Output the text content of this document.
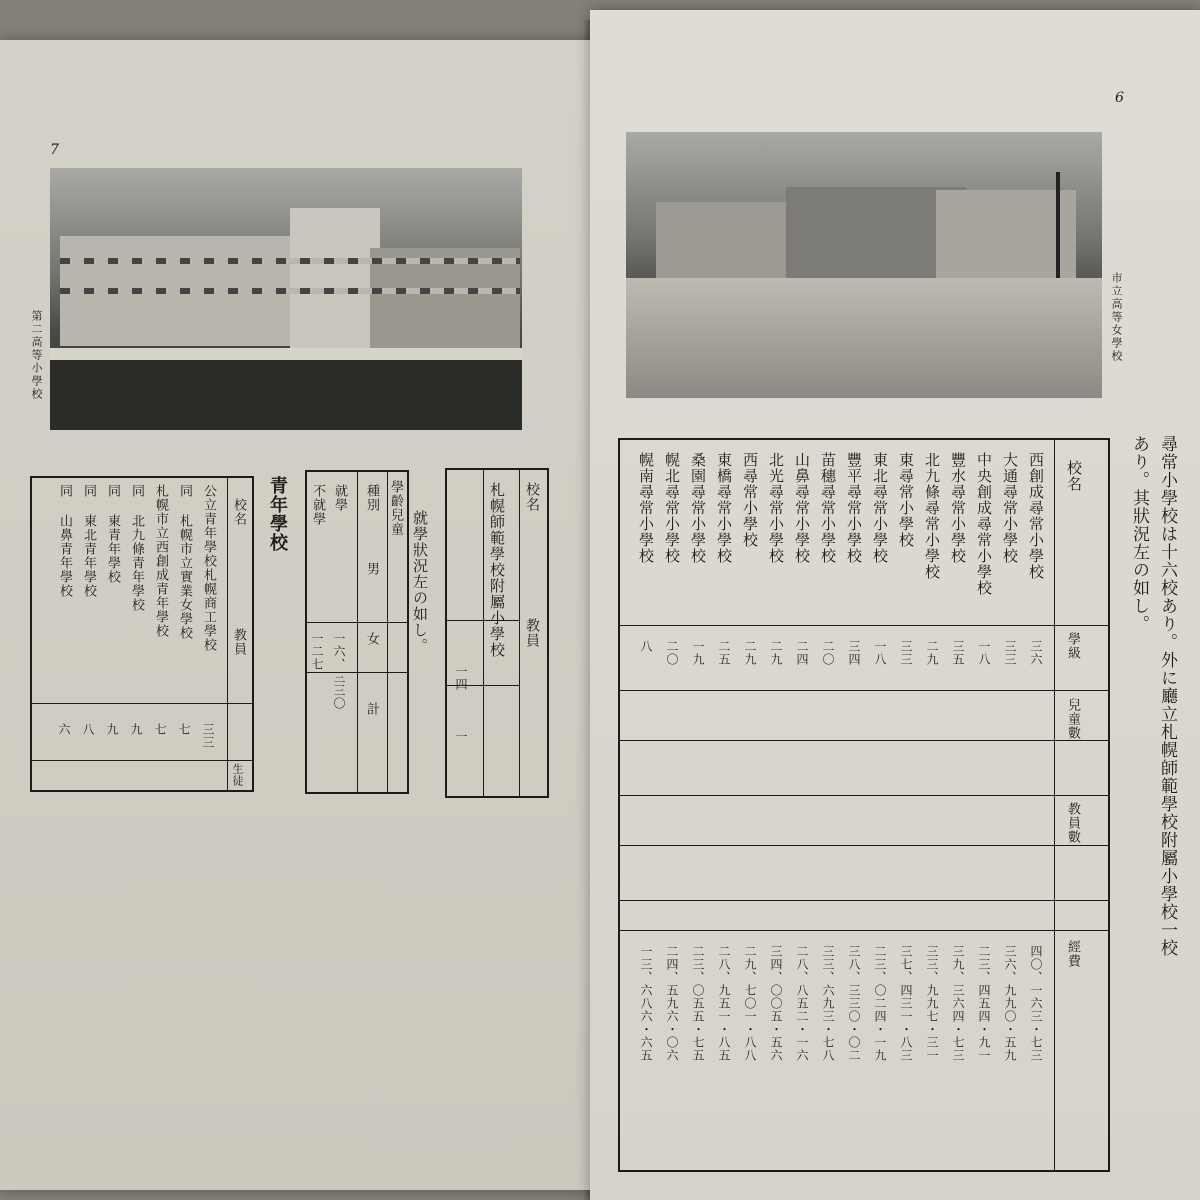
7
第二高等小學校
校名
教員
札幌師範學校附屬小學校
一四
一
就學狀況左の如し。
學齡兒童
種別
男
女
計
就學
不就學
一六、三三〇
一二七
青年學校
校名
教員
生徒
公立青年學校札幌商工學校
同 札幌市立實業女學校
札幌市立西創成青年學校
同 北九條青年學校
同 東青年學校
同 東北青年學校
同 山鼻青年學校
三三
七
七
九
九
八
六
6
市立高等女學校
尋常小學校は十六校あり。外に廳立札幌師範學校附屬小學校一校
あり。其狀況左の如し。
校名
學級
兒童數
教員數
經費
西創成尋常小學校
大通尋常小學校
中央創成尋常小學校
豐水尋常小學校
北九條尋常小學校
東尋常小學校
東北尋常小學校
豐平尋常小學校
苗穗尋常小學校
山鼻尋常小學校
北光尋常小學校
西尋常小學校
東橋尋常小學校
桑園尋常小學校
幌北尋常小學校
幌南尋常小學校
三六
三三
一八
三五
二九
三三
一八
三四
二〇
二四
二九
二九
二五
一九
二〇
八
四〇、一六三・七三
三六、九九〇・五九
二三、四五四・九一
三九、三六四・七三
三三、九九七・三一
三七、四三一・八三
二三、〇二四・一九
三八、三三〇・〇二
三三、六九三・七八
二八、八五二・一六
三四、〇〇五・五六
二九、七〇一・八八
二八、九五一・八五
二三、〇五五・七五
二四、五九六・〇六
一三、六八六・六五
